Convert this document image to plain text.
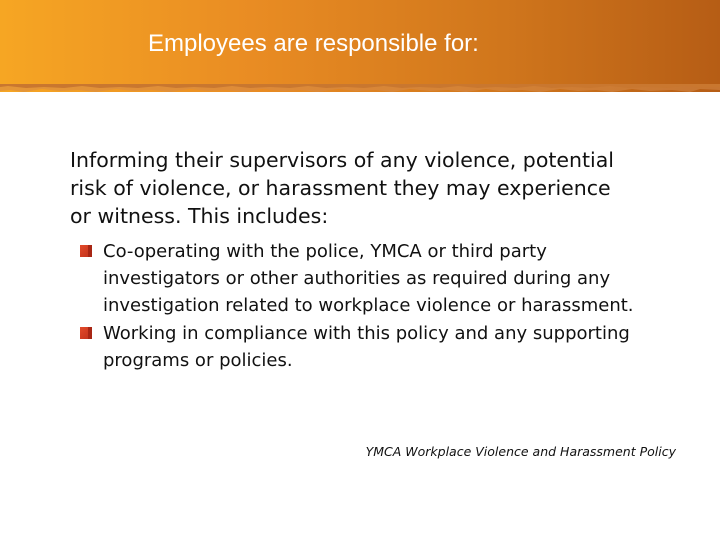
Employees are responsible for:

Informing their supervisors of any violence, potential risk of violence, or harassment they may experience or witness. This includes:

Co-operating with the police, YMCA or third party investigators or other authorities as required during any investigation related to workplace violence or harassment.
Working in compliance with this policy and any supporting programs or policies.
YMCA Workplace Violence and Harassment Policy
